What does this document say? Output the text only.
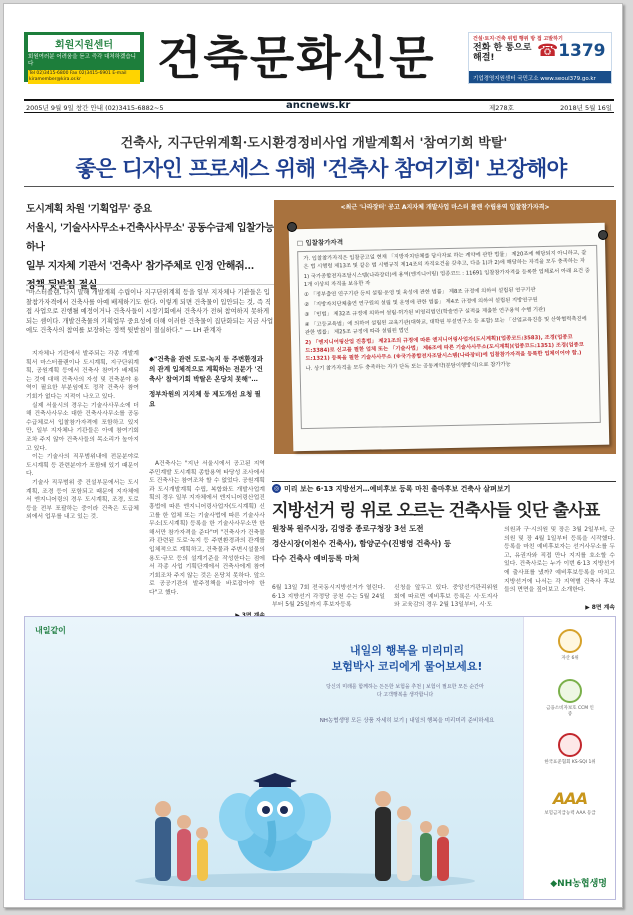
회원지원센터
회원여러분 어려움을 듣고 즉각 대처하겠습니다
Tel 02)3415-6800 Fax 02)3415-6901 E-mail kiramember@kira.or.kr	건축문화신문	건설·토지·건축 위법 행위 방 접 고발하기
전화 한 통으로 해결!	☎1379
기업경영지원센터 국민고소 www.seoul379.go.kr
2005년 9월 9일 창간 안내 (02)3415-6882~5	ancnews.kr	제278호	2018년 5월 16일
건축사, 지구단위계획·도시환경정비사업 개발계획서 '참여기회 박탈'
좋은 디자인 프로세스 위해 '건축사 참여기회' 보장해야
도시계획 차원 '기획업무' 중요
서울시, '기술사사무소+건축사사무소' 공동수급제 입찰가능하나
일부 지자체 기관서 '건축사' 참가주체로 인정 안해줘…
정책 뒷받침 절실
"마스터플랜, 다시 말해 개발계획 수립이나 지구단위계획 등을 일부 지자체나 기관들은 입찰참가자격에서 건축사를 아예 배제하기도 한다. 이렇게 되면 건축물이 입안되는 것, 즉 직접 사업으로 진행될 예정이거나 건축사들이 시장기회에서 건축사가 전혀 참여하지 못하게 되는 셈이다. 개발건축물의 기획업무 중요성에 더해 이러한 건축물이 집단화되는 지금 사업에도 건축사의 참여를 보장하는 정책 뒷받침이 절실하다." — LH 관계자

지자체나 기관에서 발주되는 각종 개발계획서 마스터플랜이나 도시계획, 지구단위계획, 공원계획 등에서 건축사 참여가 배제되는 것에 대해 건축사의 자성 및 건축분야 용역이 필요한 부분임에도 정작 건축사 참여 기회가 없다는 지적이 나오고 있다.

실제 서울시의 경우는 기술사사무소에 더해 건축사사무소 대한 건축사사무소를 공동수급체로서 입찰참가자격에 포함하고 있지만, 일부 지자체나 기관들은 아예 참여기회조차 주지 않아 건축사들의 목소리가 높아지고 있다.

이는 기술사의 직무범위내에 전문분야로 도시계획 등 관련분야가 포함돼 있기 때문이다.

기술사 직무범위 중 건설부문에서는 도시계획, 조경 등이 포함되고 때문에 지자체에서 엔지니어링의 경우 도시계획, 조경, 도로 등을 전부 포괄하는 중이라 건축은 도급체 외에서 업무를 내고 있는 것.

◆"건축을 관련 도로·녹지 등 주변환경과의 관계 입체적으로 계획하는 전문가 '건축사' 참여기회 박탈은 온당치 못해"…
정부차원의 지지체 등 제도개선 요청 필요

A건축사는 "지난 서울시에서 공고된 지역주민계발 도시계획 종합용역 타당성 조사에서도 건축사는 참여조차 할 수 없었다. 공원계획과 도시개발계획 수립, 복합화도 개발사업계획의 경우 일부 지자체에서 엔지니어링산업진흥법에 따른 엔지니어링사업자(도시계획) 신고를 한 업체 또는 기술사법에 따른 기술사사무소(도시계획) 등록을 한 기술사사무소만 한해서만 참가자격을 준다"며 "건축사가 건축물과 관련된 도로·녹지 등 주변환경과의 관계를 입체적으로 계획하고, 건축물과 주변시설물의 용도·규모 등의 설계기준을 작성한다는 점에서 각종 사업 기획단계에서 건축사에게 참여기회조차 주지 않는 것은 온당치 못하다. 앞으로 공공기관의 발주정책을 바로잡아야 한다"고 했다.

<최근 '나라장터' 공고 A지자체 개발사업 마스터 플랜 수립용역 입찰참가자격>
□ 입찰참가자격
가. 입찰참가자격은 입찰공고일 현재 「지방자치단체를 당사자로 하는 계약에 관한 법률」 제20조에 해당되지 아니하고, 같은 법 시행령 제13조 및 같은 법 시행규칙 제14조의 자격요건을 갖추고, 다음 1)과 2)에 해당하는 자격을 모두 충족하는 자
1) 국가종합전자조달시스템(나라장터)에 용역(엔지니어링) 업종코드 : 11691 입찰참가자격을 등록한 업체로서 아래 요건 중 1개 이상의 자격을 보유한 자
① 「정부출연 연구기관 등의 설립·운영 및 육성에 관한 법률」 제8조 규정에 의하여 설립된 연구기관
② 「지방자치단체출연 연구원의 설립 및 운영에 관한 법률」 제4조 규정에 의하여 설립된 지방연구원
③ 「민법」 제32조 규정에 의하여 설립·허가된 비영리법인(학술연구 실적을 제출한 연구용역 수행 기관)
④ 「고등교육법」에 의하여 설립된 교육기관(대학교, 대학원 부설연구소 등 포함) 또는 「산업교육진흥 및 산학협력촉진에 관한 법률」 제25조 규정에 따라 설립된 법인
2) 「엔지니어링산업 진흥법」 제21조의 규정에 따른 엔지니어링사업자(도시계획)(업종코드:3583), 조경(업종코드:3384)로 신고를 필한 업체 또는 「기술사법」 제6조에 따른 기술사사무소(도시계획)(업종코드:1351) 조경(업종코드:1321) 등록을 필한 기술사사무소 (※국가종합전자조달시스템(나라장터)에 입찰참가자격을 등록한 업체이어야 함.)
나. 상기 참가자격을 모두 충족하는 자가 단독 또는 공동계약(분담이행방식)으로 참가가능
◎ 미리 보는 6·13 지방선거…예비후보 등록 마친 출마후보 건축사 살펴보기
지방선거 링 위로 오르는 건축사들 잇단 출사표
원창복 원주시장, 김영중 종로구청장 3선 도전
경산시장(이천수 건축사), 함양군수(진병영 건축사) 등
다수 건축사 예비등록 마쳐
6월 13일 7회 전국동시지방선거가 열린다. 6·13 지방선거 각정당 공천 수는 5월 24일부터 5월 25일까지 후보자등록
신청을 앞두고 있다. 중앙선거관리위원회에 따르면 예비후보 등록은 시·도지사와 교육감의 경우 2월 13일부터, 시·도
의원과 구·시의원 및 장은 3월 2일부터, 군의원 및 장 4월 1일부터 등록을 시작했다. 등록을 마친 예비후보자는 선거사무소를 두고, 유권자와 직접 만나 지지를 호소할 수 있다. 건축사로는 누가 이번 6·13 지방선거에 출사표를 냈까? 예비후보등록을 마치고 지방선거에 나서는 각 지역별 건축사 후보들의 면면을 짚어보고 소개한다.
▶ 8면 계속
내일같이
내일의 행복을 미리미리
보험박사 코리에게 물어보세요!
당신의 미래를 함께하는 든든한 보험을 추천 | 보험이 필요한 모든 순간마다 고객행복을 생각합니다
NH농협생명 모든 상품 자세히 보기 | 내일의 행복을 미리미리 준비하세요
자산 6위
금융소비자보호 CCM 인증
한국표준협회 KS-SQI 1위
AAA
보험금지급능력 AAA 등급
◆NH농협생명
